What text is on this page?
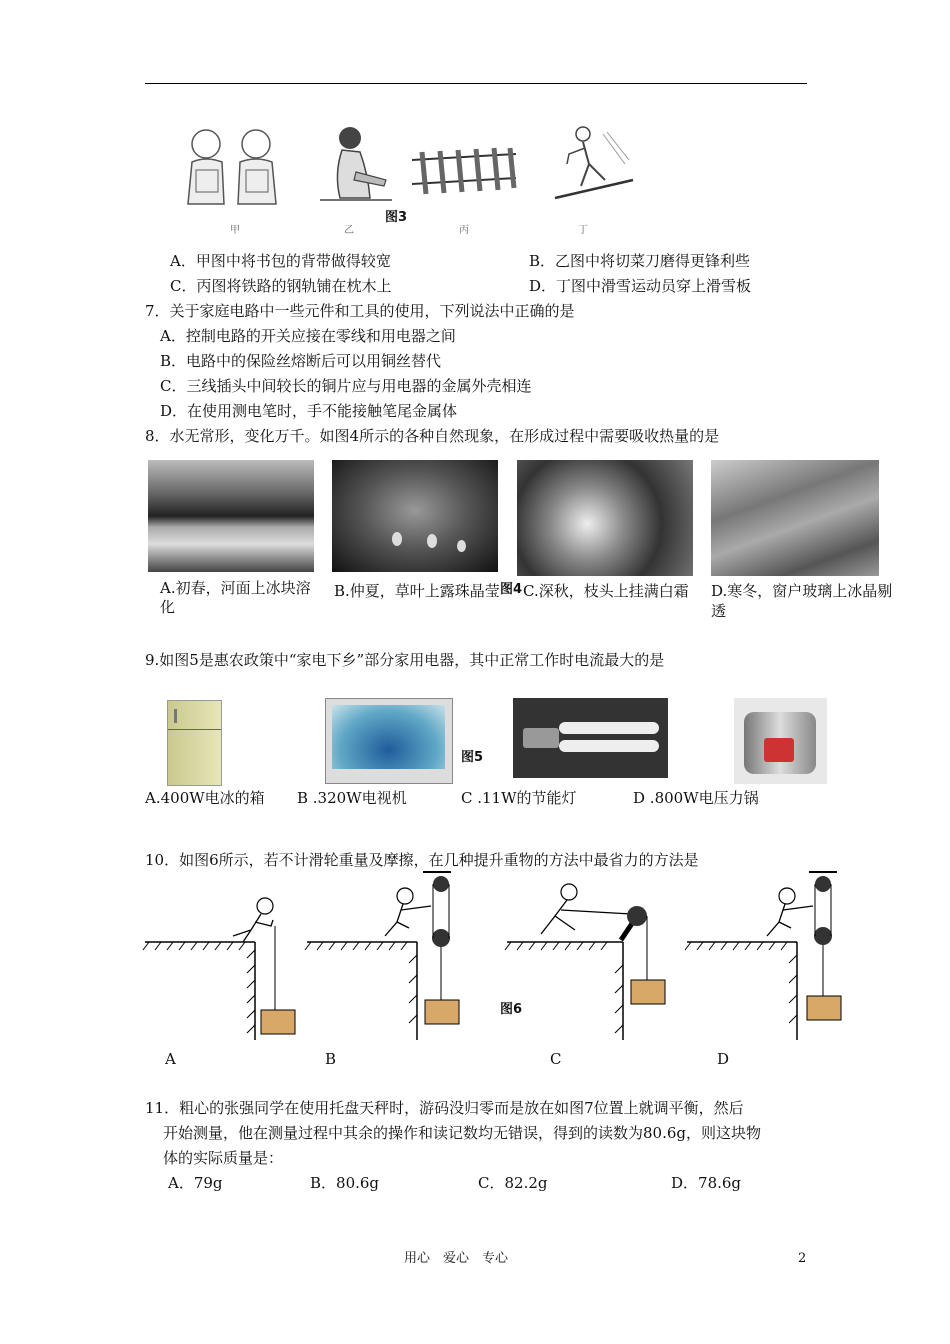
图3
甲	乙	丙	丁
A．甲图中将书包的背带做得较宽	B．乙图中将切菜刀磨得更锋利些
C．丙图将铁路的钢轨铺在枕木上	D．丁图中滑雪运动员穿上滑雪板
7．关于家庭电路中一些元件和工具的使用，下列说法中正确的是
A．控制电路的开关应接在零线和用电器之间
B．电路中的保险丝熔断后可以用铜丝替代
C．三线插头中间较长的铜片应与用电器的金属外壳相连
D．在使用测电笔时，手不能接触笔尾金属体
8．水无常形，变化万千。如图4所示的各种自然现象，在形成过程中需要吸收热量的是
A.初春，河面上冰块溶
化
B.仲夏，草叶上露珠晶莹 图4 C.深秋，枝头上挂满白霜 D.寒冬，窗户玻璃上冰晶剔
透
9.如图5是惠农政策中“家电下乡”部分家用电器，其中正常工作时电流最大的是
图5
A.400W电冰的箱 B .320W电视机	C .11W的节能灯	D .800W电压力锅
10．如图6所示，若不计滑轮重量及摩擦，在几种提升重物的方法中最省力的方法是
图6
A	B	C	D
11．粗心的张强同学在使用托盘天秤时，游码没归零而是放在如图7位置上就调平衡，然后
开始测量，他在测量过程中其余的操作和读记数均无错误，得到的读数为80.6g，则这块物
体的实际质量是：
A．79g	B．80.6g	C．82.2g	D．78.6g
用心　爱心　专心	2
